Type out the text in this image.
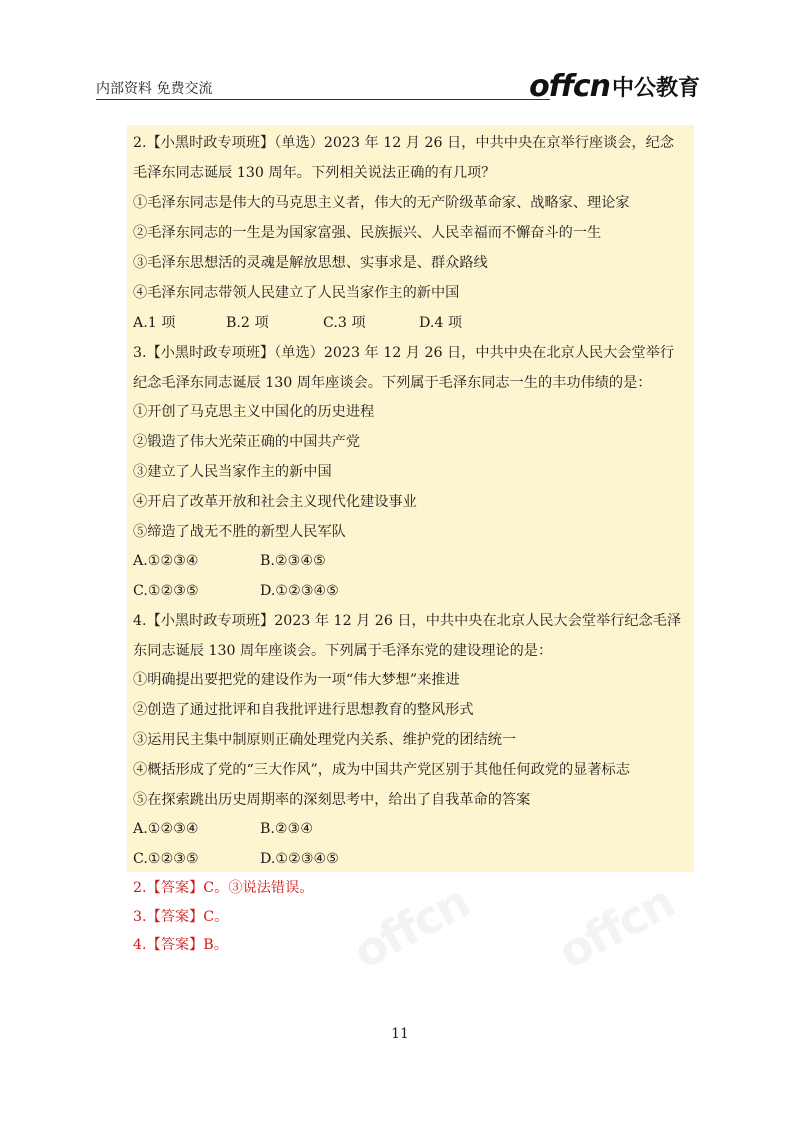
内部资料 免费交流	offcn 中公教育
2.【小黑时政专项班】（单选）2023 年 12 月 26 日，中共中央在京举行座谈会，纪念
毛泽东同志诞辰 130 周年。下列相关说法正确的有几项？
①毛泽东同志是伟大的马克思主义者，伟大的无产阶级革命家、战略家、理论家
②毛泽东同志的一生是为国家富强、民族振兴、人民幸福而不懈奋斗的一生
③毛泽东思想活的灵魂是解放思想、实事求是、群众路线
④毛泽东同志带领人民建立了人民当家作主的新中国
A.1 项	B.2 项	C.3 项	D.4 项
3.【小黑时政专项班】（单选）2023 年 12 月 26 日，中共中央在北京人民大会堂举行
纪念毛泽东同志诞辰 130 周年座谈会。下列属于毛泽东同志一生的丰功伟绩的是：
①开创了马克思主义中国化的历史进程
②锻造了伟大光荣正确的中国共产党
③建立了人民当家作主的新中国
④开启了改革开放和社会主义现代化建设事业
⑤缔造了战无不胜的新型人民军队
A.①②③④	B.②③④⑤
C.①②③⑤	D.①②③④⑤
4.【小黑时政专项班】2023 年 12 月 26 日，中共中央在北京人民大会堂举行纪念毛泽
东同志诞辰 130 周年座谈会。下列属于毛泽东党的建设理论的是：
①明确提出要把党的建设作为一项“伟大梦想”来推进
②创造了通过批评和自我批评进行思想教育的整风形式
③运用民主集中制原则正确处理党内关系、维护党的团结统一
④概括形成了党的“三大作风”，成为中国共产党区别于其他任何政党的显著标志
⑤在探索跳出历史周期率的深刻思考中，给出了自我革命的答案
A.①②③④	B.②③④
C.①②③⑤	D.①②③④⑤
2.【答案】C。③说法错误。
3.【答案】C。
4.【答案】B。
11
